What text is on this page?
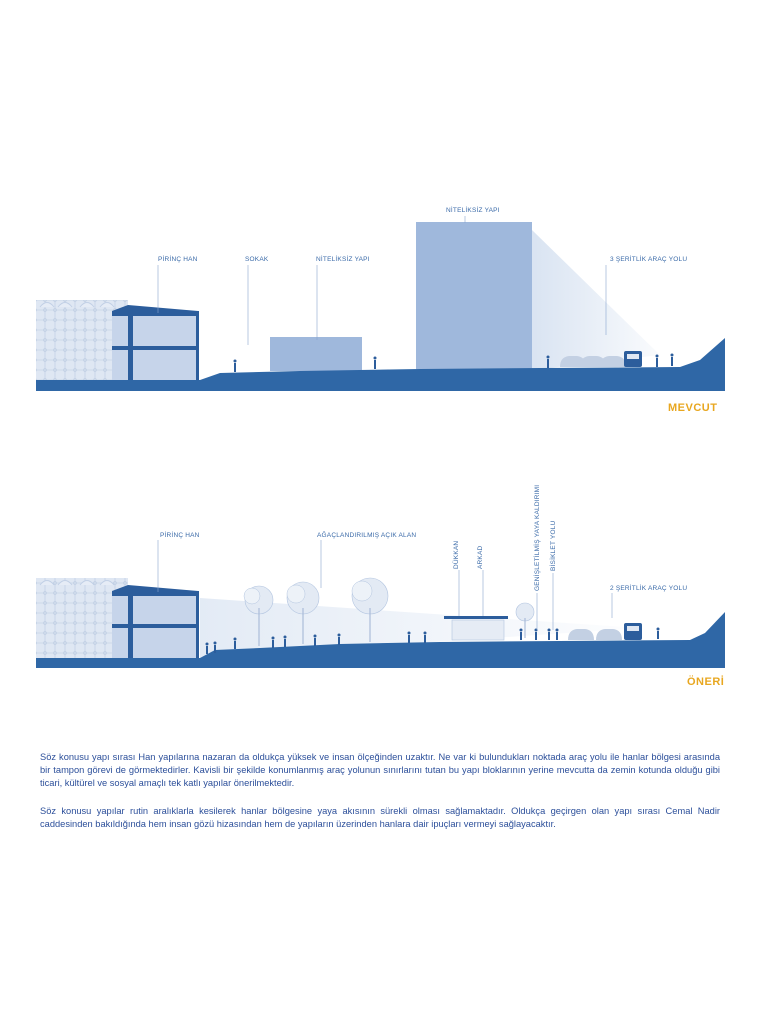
PİRİNÇ HAN	SOKAK	NİTELİKSİZ YAPI
NİTELİKSİZ YAPI
3 ŞERİTLİK ARAÇ YOLU
MEVCUT
PİRİNÇ HAN	AĞAÇLANDIRILMIŞ AÇIK ALAN
DÜKKAN	ARKAD	GENİŞLETİLMİŞ YAYA KALDIRIMI	BİSİKLET YOLU
2 ŞERİTLİK ARAÇ YOLU
ÖNERİ

Söz konusu yapı sırası Han yapılarına nazaran da oldukça yüksek ve insan ölçeğinden uzaktır. Ne var ki bulundukları noktada araç yolu ile hanlar bölgesi arasında bir tampon görevi de görmektedirler. Kavisli bir şekilde konumlanmış araç yolunun sınırlarını tutan bu yapı bloklarının yerine mevcutta da zemin kotunda olduğu gibi ticari, kültürel ve sosyal amaçlı tek katlı yapılar önerilmektedir.

Söz konusu yapılar rutin aralıklarla kesilerek hanlar bölgesine yaya akısının sürekli olması sağlamaktadır. Oldukça geçirgen olan yapı sırası Cemal Nadir caddesinden bakıldığında hem insan gözü hizasından hem de yapıların üzerinden hanlara dair ipuçları vermeyi sağlayacaktır.
